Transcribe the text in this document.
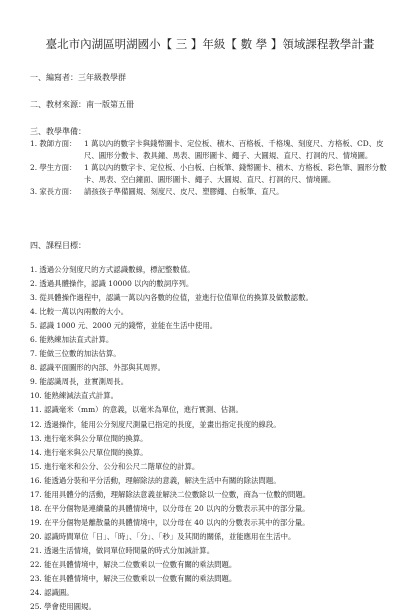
臺北市內湖區明湖國小【 三 】年級【 數 學 】領域課程教學計畫
一、編寫者：三年級教學群
二、教材來源：南一版第五冊
三、教學準備：
1. 教師方面： 1 萬以內的數字卡與錢幣圖卡、定位板、積木、百格板、千格塊、刻度尺、方格板、CD、皮尺、圓形分數卡、教具鐘、馬表、圓形圖卡、繩子、大圓規、直尺、打洞的尺、情境圖。
2. 學生方面： 1 萬以內的數字卡、定位板、小白板、白板筆、錢幣圖卡、積木、方格板、彩色筆、圓形分數卡、馬表、空白鐘面、圓形圖卡、繩子、大圓規、直尺、打洞的尺、情境圖。
3. 家長方面： 請孩孩子準備圓規、刻度尺、皮尺、塑膠繩、白板筆、直尺。
四、課程目標：
1. 透過公分刻度尺的方式認識數線，標記整數值。
2. 透過具體操作，認識 10000 以內的數詞序列。
3. 從具體操作過程中，認識一萬以內各數的位值，並進行位值單位的換算及做數認數。
4. 比較一萬以內兩數的大小。
5. 認識 1000 元、2000 元的錢幣，並能在生活中使用。
6. 能熟練加法直式計算。
7. 能做三位數的加法估算。
8. 認識平面圖形的內部、外部與其周界。
9. 能認識周長，並實測周長。
10. 能熟練減法直式計算。
11. 認識毫米（mm）的意義，以毫米為單位，進行實測、估測。
12. 透過操作，能用公分刻度尺測量已指定的長度，並畫出指定長度的線段。
13. 進行毫米與公分單位間的換算。
14. 進行毫米與公尺單位間的換算。
15. 進行毫米和公分、公分和公尺二階單位的計算。
16. 能透過分裝和平分活動，理解除法的意義，解決生活中有關的除法問題。
17. 能用具體分的活動，理解除法意義並解決二位數除以一位數，商為一位數的問題。
18. 在平分個物是連續量的具體情境中，以分母在 20 以內的分數表示其中的部分量。
19. 在平分個物是離散量的具體情境中，以分母在 40 以內的分數表示其中的部分量。
20. 認識時間單位「日」、「時」、「分」、「秒」及其間的關係，並能應用在生活中。
21. 透過生活情境，做同單位時間量的時式分加減計算。
22. 能在具體情境中，解決二位數乘以一位數有關的乘法問題。
23. 能在具體情境中，解決三位數乘以一位數有關的乘法問題。
24. 認識圓。
25. 學會使用圓規。
